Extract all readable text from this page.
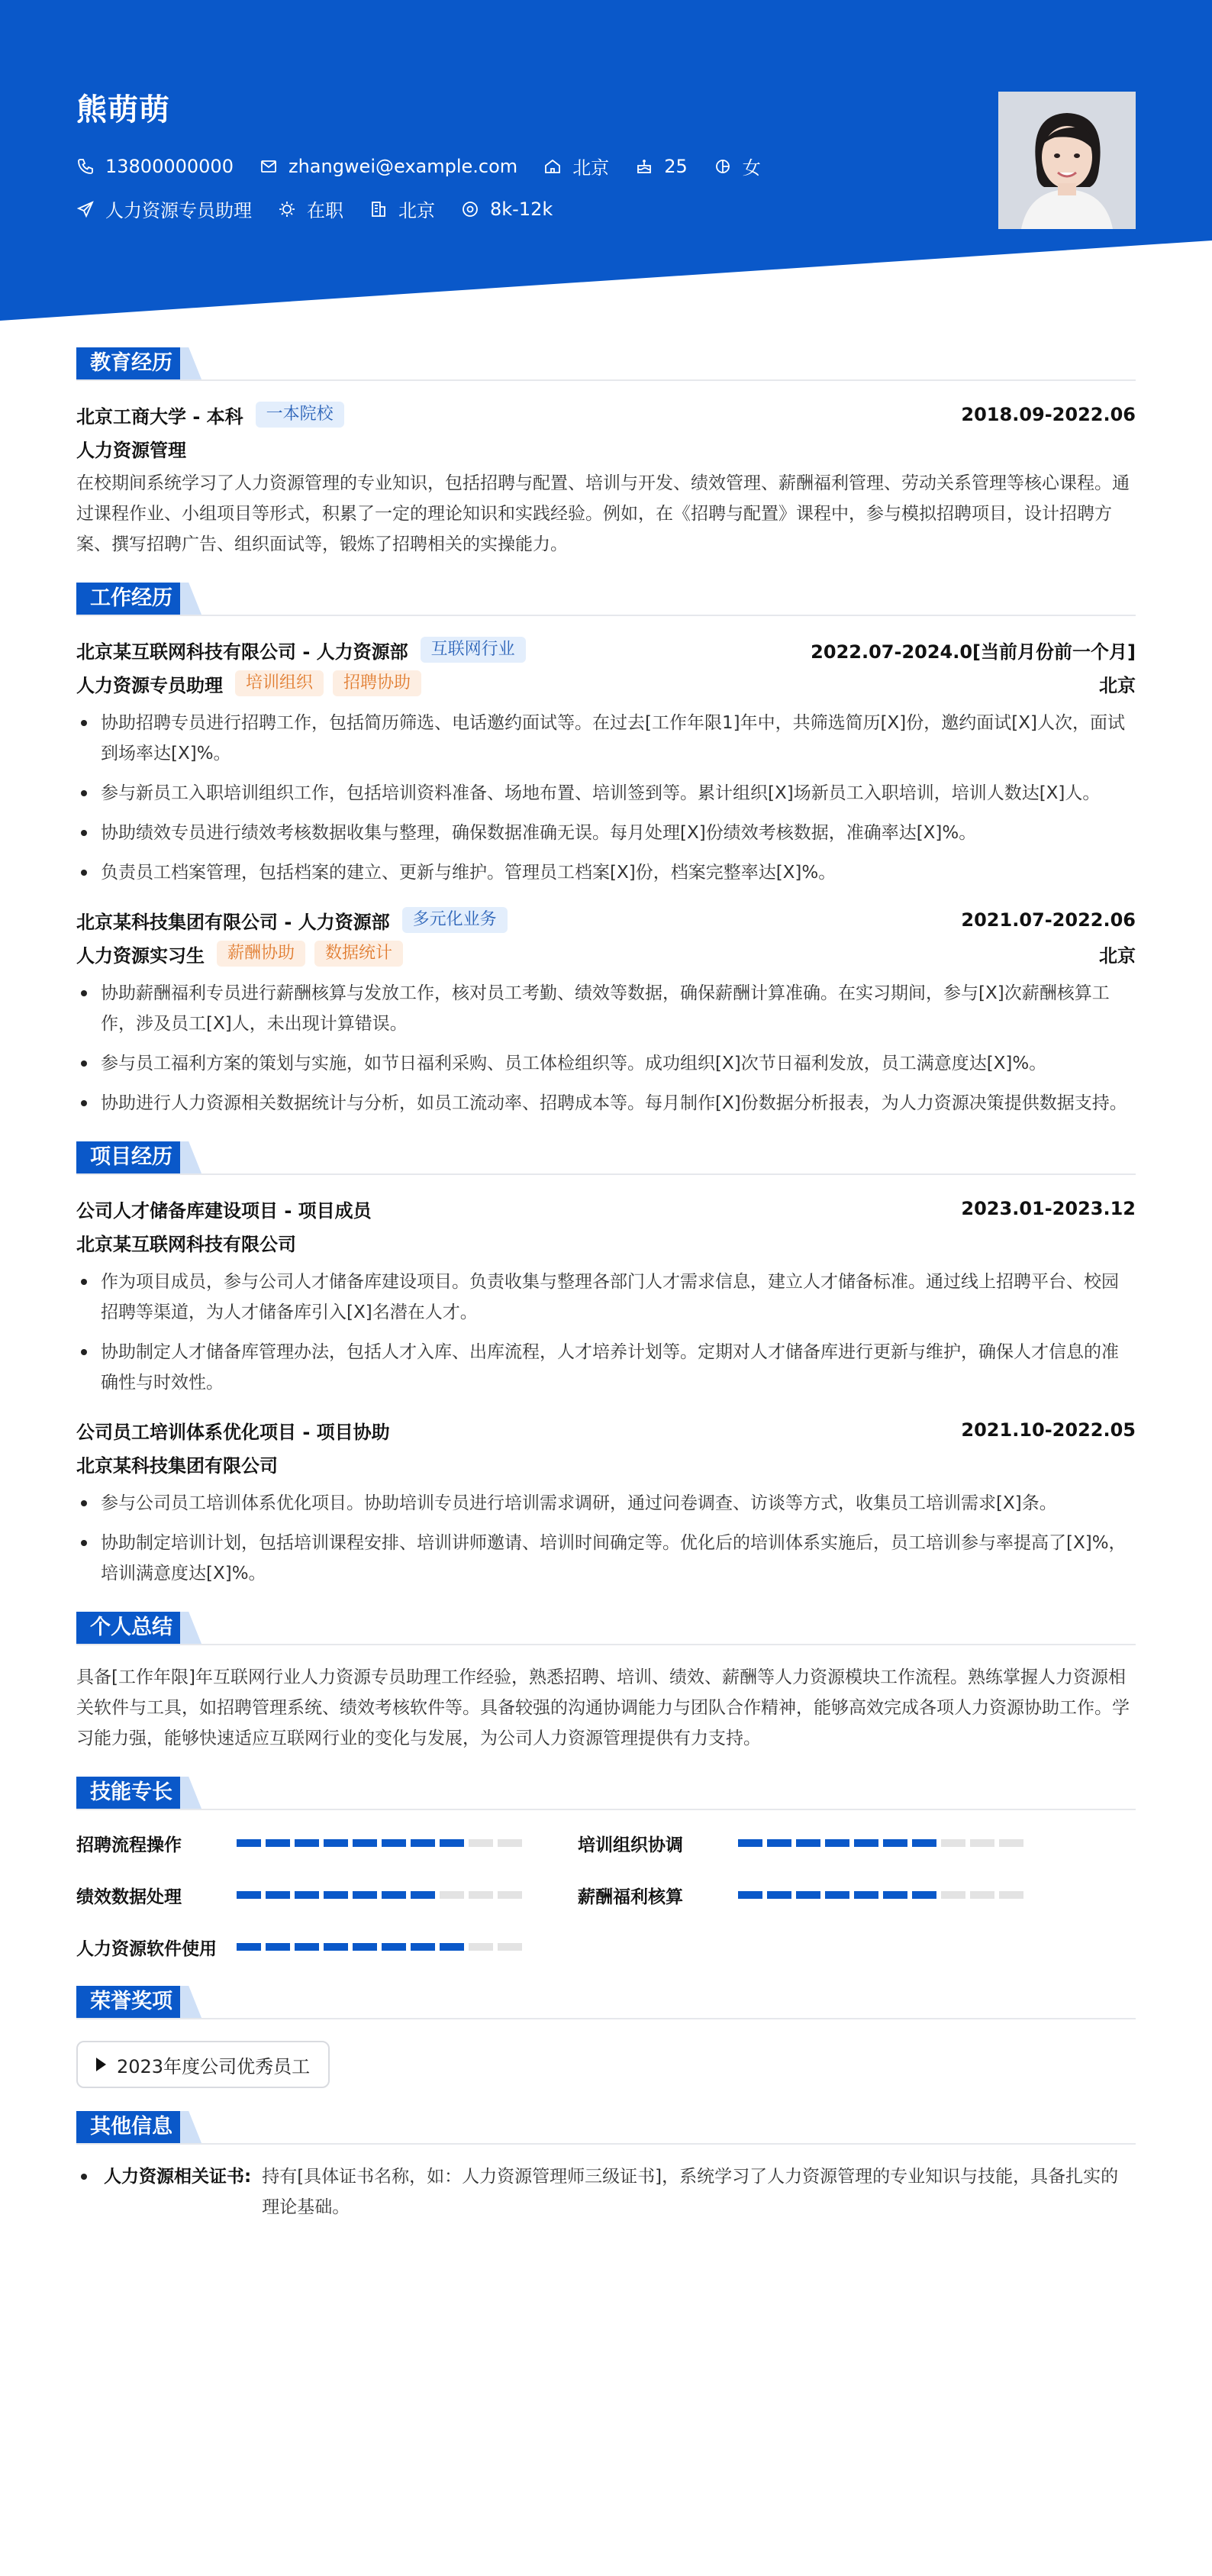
熊萌萌
13800000000	zhangwei@example.com	北京	25	女
人力资源专员助理	在职	北京	8k-12k
教育经历
北京工商大学 - 本科	一本院校	2018.09-2022.06
人力资源管理
在校期间系统学习了人力资源管理的专业知识，包括招聘与配置、培训与开发、绩效管理、薪酬福利管理、劳动关系管理等核心课程。通过课程作业、小组项目等形式，积累了一定的理论知识和实践经验。例如，在《招聘与配置》课程中，参与模拟招聘项目，设计招聘方案、撰写招聘广告、组织面试等，锻炼了招聘相关的实操能力。
工作经历
北京某互联网科技有限公司 - 人力资源部	互联网行业	2022.07-2024.0[当前月份前一个月]
人力资源专员助理	培训组织	招聘协助	北京
协助招聘专员进行招聘工作，包括简历筛选、电话邀约面试等。在过去[工作年限1]年中，共筛选简历[X]份，邀约面试[X]人次，面试到场率达[X]%。
参与新员工入职培训组织工作，包括培训资料准备、场地布置、培训签到等。累计组织[X]场新员工入职培训，培训人数达[X]人。
协助绩效专员进行绩效考核数据收集与整理，确保数据准确无误。每月处理[X]份绩效考核数据，准确率达[X]%。
负责员工档案管理，包括档案的建立、更新与维护。管理员工档案[X]份，档案完整率达[X]%。
北京某科技集团有限公司 - 人力资源部	多元化业务	2021.07-2022.06
人力资源实习生	薪酬协助	数据统计	北京
协助薪酬福利专员进行薪酬核算与发放工作，核对员工考勤、绩效等数据，确保薪酬计算准确。在实习期间，参与[X]次薪酬核算工作，涉及员工[X]人，未出现计算错误。
参与员工福利方案的策划与实施，如节日福利采购、员工体检组织等。成功组织[X]次节日福利发放，员工满意度达[X]%。
协助进行人力资源相关数据统计与分析，如员工流动率、招聘成本等。每月制作[X]份数据分析报表，为人力资源决策提供数据支持。
项目经历
公司人才储备库建设项目 - 项目成员	2023.01-2023.12
北京某互联网科技有限公司
作为项目成员，参与公司人才储备库建设项目。负责收集与整理各部门人才需求信息，建立人才储备标准。通过线上招聘平台、校园招聘等渠道，为人才储备库引入[X]名潜在人才。
协助制定人才储备库管理办法，包括人才入库、出库流程，人才培养计划等。定期对人才储备库进行更新与维护，确保人才信息的准确性与时效性。
公司员工培训体系优化项目 - 项目协助	2021.10-2022.05
北京某科技集团有限公司
参与公司员工培训体系优化项目。协助培训专员进行培训需求调研，通过问卷调查、访谈等方式，收集员工培训需求[X]条。
协助制定培训计划，包括培训课程安排、培训讲师邀请、培训时间确定等。优化后的培训体系实施后，员工培训参与率提高了[X]%，培训满意度达[X]%。
个人总结
具备[工作年限]年互联网行业人力资源专员助理工作经验，熟悉招聘、培训、绩效、薪酬等人力资源模块工作流程。熟练掌握人力资源相关软件与工具，如招聘管理系统、绩效考核软件等。具备较强的沟通协调能力与团队合作精神，能够高效完成各项人力资源协助工作。学习能力强，能够快速适应互联网行业的变化与发展，为公司人力资源管理提供有力支持。
技能专长
招聘流程操作	培训组织协调
绩效数据处理	薪酬福利核算
人力资源软件使用
荣誉奖项
2023年度公司优秀员工
其他信息
人力资源相关证书: 持有[具体证书名称，如：人力资源管理师三级证书]，系统学习了人力资源管理的专业知识与技能，具备扎实的理论基础。
